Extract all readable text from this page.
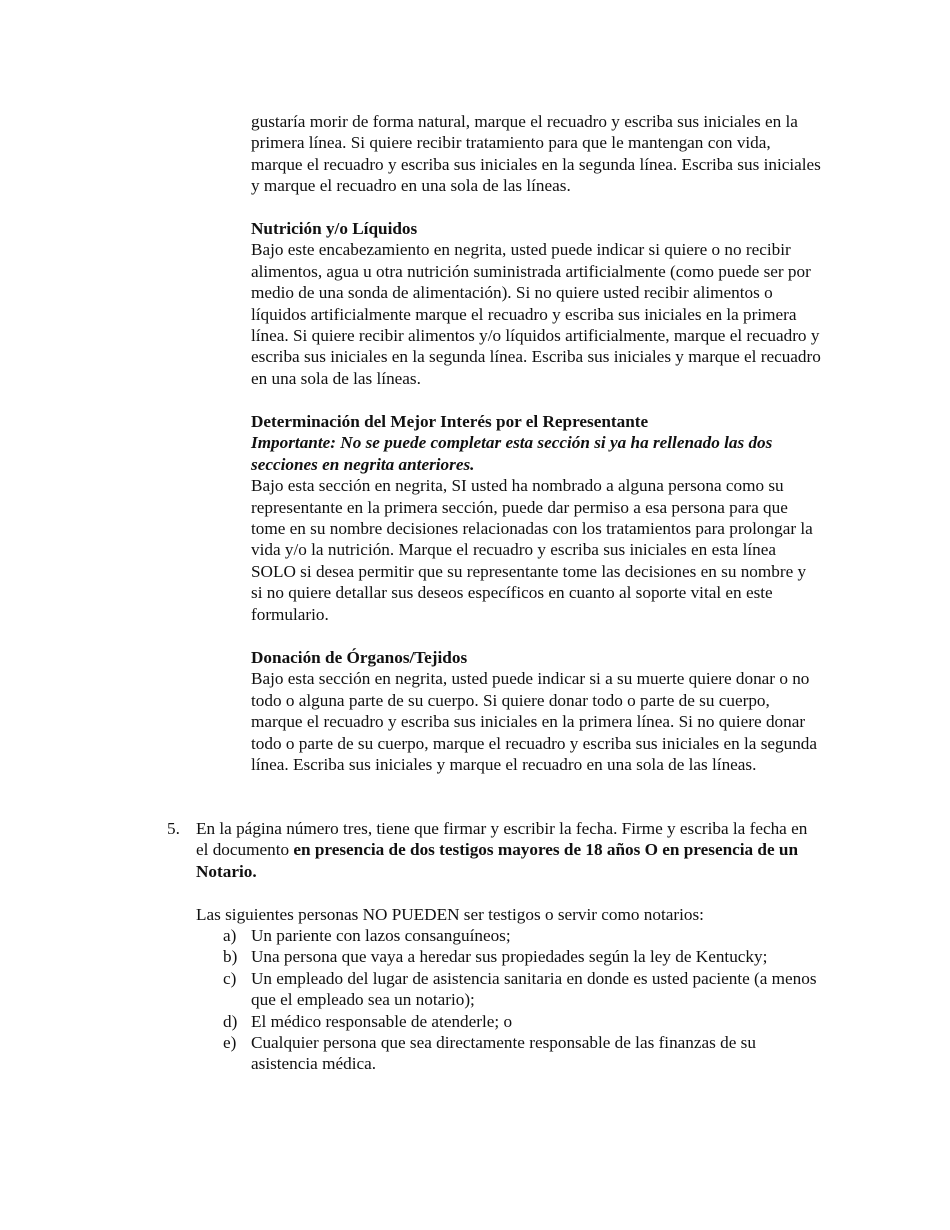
gustaría morir de forma natural, marque el recuadro y escriba sus iniciales en la primera línea. Si quiere recibir tratamiento para que le mantengan con vida, marque el recuadro y escriba sus iniciales en la segunda línea. Escriba sus iniciales y marque el recuadro en una sola de las líneas.

Nutrición y/o Líquidos

Bajo este encabezamiento en negrita, usted puede indicar si quiere o no recibir alimentos, agua u otra nutrición suministrada artificialmente (como puede ser por medio de una sonda de alimentación). Si no quiere usted recibir alimentos o líquidos artificialmente marque el recuadro y escriba sus iniciales en la primera línea. Si quiere recibir alimentos y/o líquidos artificialmente, marque el recuadro y escriba sus iniciales en la segunda línea. Escriba sus iniciales y marque el recuadro en una sola de las líneas.

Determinación del Mejor Interés por el Representante

Importante: No se puede completar esta sección si ya ha rellenado las dos secciones en negrita anteriores.

Bajo esta sección en negrita, SI usted ha nombrado a alguna persona como su representante en la primera sección, puede dar permiso a esa persona para que tome en su nombre decisiones relacionadas con los tratamientos para prolongar la vida y/o la nutrición. Marque el recuadro y escriba sus iniciales en esta línea SOLO si desea permitir que su representante tome las decisiones en su nombre y si no quiere detallar sus deseos específicos en cuanto al soporte vital en este formulario.

Donación de Órganos/Tejidos

Bajo esta sección en negrita, usted puede indicar si a su muerte quiere donar o no todo o alguna parte de su cuerpo. Si quiere donar todo o parte de su cuerpo, marque el recuadro y escriba sus iniciales en la primera línea. Si no quiere donar todo o parte de su cuerpo, marque el recuadro y escriba sus iniciales en la segunda línea. Escriba sus iniciales y marque el recuadro en una sola de las líneas.

5. En la página número tres, tiene que firmar y escribir la fecha. Firme y escriba la fecha en el documento en presencia de dos testigos mayores de 18 años O en presencia de un Notario.

Las siguientes personas NO PUEDEN ser testigos o servir como notarios:

a) Un pariente con lazos consanguíneos;
b) Una persona que vaya a heredar sus propiedades según la ley de Kentucky;
c) Un empleado del lugar de asistencia sanitaria en donde es usted paciente (a menos que el empleado sea un notario);
d) El médico responsable de atenderle; o
e) Cualquier persona que sea directamente responsable de las finanzas de su asistencia médica.
